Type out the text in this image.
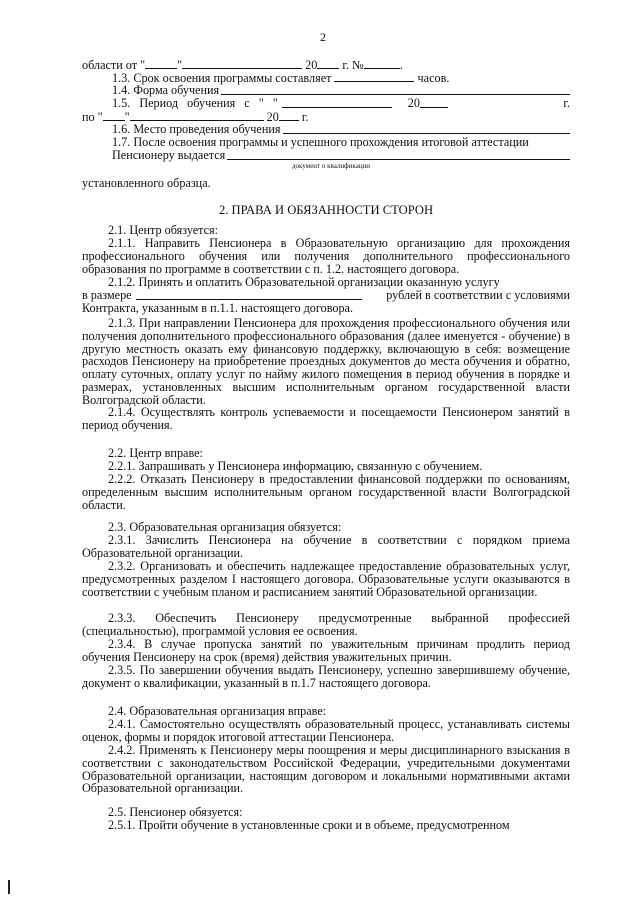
2
области от "	"	20 г. №	.
1.3. Срок освоения программы составляет	часов.
1.4. Форма обучения
1.5. Период обучения с " "	20	г.
по " "	20 г.
1.6. Место проведения обучения
1.7. После освоения программы и успешного прохождения итоговой аттестации
Пенсионеру выдается
документ о квалификации
установленного образца.
2. ПРАВА И ОБЯЗАННОСТИ СТОРОН
2.1. Центр обязуется:
2.1.1. Направить Пенсионера в Образовательную организацию для прохождения профессионального обучения или получения дополнительного профессионального образования по программе в соответствии с п. 1.2. настоящего договора.
2.1.2. Принять и оплатить Образовательной организации оказанную услугу
в размере	рублей в соответствии с условиями
Контракта, указанным в п.1.1. настоящего договора.
2.1.3. При направлении Пенсионера для прохождения профессионального обучения или получения дополнительного профессионального образования (далее именуется - обучение) в другую местность оказать ему финансовую поддержку, включающую в себя: возмещение расходов Пенсионеру на приобретение проездных документов до места обучения и обратно, оплату суточных, оплату услуг по найму жилого помещения в период обучения в порядке и размерах, установленных высшим исполнительным органом государственной власти Волгоградской области.
2.1.4. Осуществлять контроль успеваемости и посещаемости Пенсионером занятий в период обучения.
2.2. Центр вправе:
2.2.1. Запрашивать у Пенсионера информацию, связанную с обучением.
2.2.2. Отказать Пенсионеру в предоставлении финансовой поддержки по основаниям, определенным высшим исполнительным органом государственной власти Волгоградской области.
2.3. Образовательная организация обязуется:
2.3.1. Зачислить Пенсионера на обучение в соответствии с порядком приема Образовательной организации.
2.3.2. Организовать и обеспечить надлежащее предоставление образовательных услуг, предусмотренных разделом I настоящего договора. Образовательные услуги оказываются в соответствии с учебным планом и расписанием занятий Образовательной организации.
2.3.3. Обеспечить Пенсионеру предусмотренные выбранной профессией (специальностью), программой условия ее освоения.
2.3.4. В случае пропуска занятий по уважительным причинам продлить период обучения Пенсионеру на срок (время) действия уважительных причин.
2.3.5. По завершении обучения выдать Пенсионеру, успешно завершившему обучение, документ о квалификации, указанный в п.1.7 настоящего договора.
2.4. Образовательная организация вправе:
2.4.1. Самостоятельно осуществлять образовательный процесс, устанавливать системы оценок, формы и порядок итоговой аттестации Пенсионера.
2.4.2. Применять к Пенсионеру меры поощрения и меры дисциплинарного взыскания в соответствии с законодательством Российской Федерации, учредительными документами Образовательной организации, настоящим договором и локальными нормативными актами Образовательной организации.
2.5. Пенсионер обязуется:
2.5.1. Пройти обучение в установленные сроки и в объеме, предусмотренном
